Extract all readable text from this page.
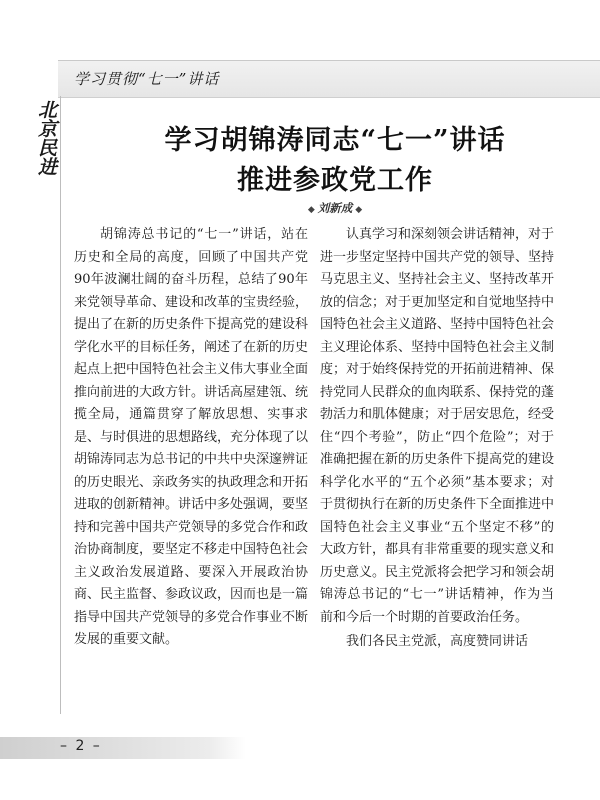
学习贯彻“七一”讲话
北京民进	学习胡锦涛同志“七一”讲话
推进参政党工作
◆ 刘新成 ◆

胡锦涛总书记的“七一”讲话，站在历史和全局的高度，回顾了中国共产党90年波澜壮阔的奋斗历程，总结了90年来党领导革命、建设和改革的宝贵经验，提出了在新的历史条件下提高党的建设科学化水平的目标任务，阐述了在新的历史起点上把中国特色社会主义伟大事业全面推向前进的大政方针。讲话高屋建瓴、统揽全局，通篇贯穿了解放思想、实事求是、与时俱进的思想路线，充分体现了以胡锦涛同志为总书记的中共中央深邃辨证的历史眼光、亲政务实的执政理念和开拓进取的创新精神。讲话中多处强调，要坚持和完善中国共产党领导的多党合作和政治协商制度，要坚定不移走中国特色社会主义政治发展道路、要深入开展政治协商、民主监督、参政议政，因而也是一篇指导中国共产党领导的多党合作事业不断发展的重要文献。

认真学习和深刻领会讲话精神，对于进一步坚定坚持中国共产党的领导、坚持马克思主义、坚持社会主义、坚持改革开放的信念；对于更加坚定和自觉地坚持中国特色社会主义道路、坚持中国特色社会主义理论体系、坚持中国特色社会主义制度；对于始终保持党的开拓前进精神、保持党同人民群众的血肉联系、保持党的蓬勃活力和肌体健康；对于居安思危，经受住“四个考验”，防止“四个危险”；对于准确把握在新的历史条件下提高党的建设科学化水平的“五个必须”基本要求；对于贯彻执行在新的历史条件下全面推进中国特色社会主义事业“五个坚定不移”的大政方针，都具有非常重要的现实意义和历史意义。民主党派将会把学习和领会胡锦涛总书记的“七一”讲话精神，作为当前和今后一个时期的首要政治任务。

我们各民主党派，高度赞同讲话

– 2 –
